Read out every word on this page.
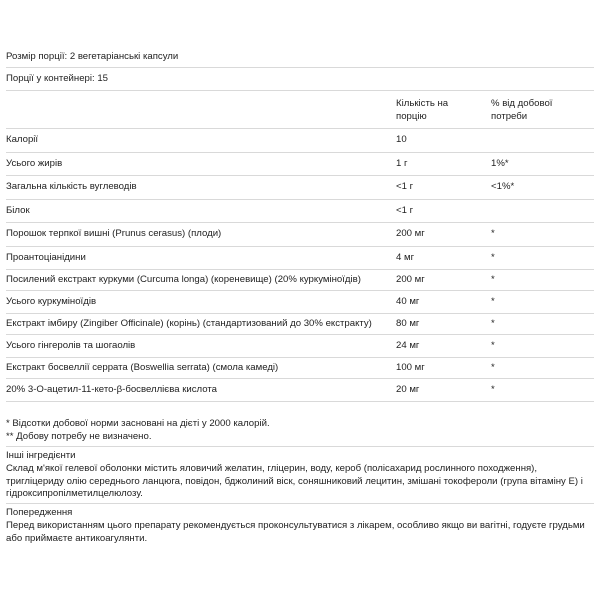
Розмір порції: 2 вегетаріанські капсули
Порції у контейнері: 15

	Кількість на порцію	% від добової потреби

Калорії	10	
Усього жирів	1 г	1%*
Загальна кількість вуглеводів	<1 г	<1%*
Білок	<1 г	
Порошок терпкої вишні (Prunus cerasus) (плоди)	200 мг	*
Проантоціанідини	4 мг	*
Посилений екстракт куркуми (Curcuma longa) (кореневище) (20% куркуміноїдів)	200 мг	*
Усього куркуміноїдів	40 мг	*
Екстракт імбиру (Zingiber Officinale) (корінь) (стандартизований до 30% екстракту)	80 мг	*
Усього гінгеролів та шогаолів	24 мг	*
Екстракт босвеллії серрата (Boswellia serrata) (смола камеді)	100 мг	*
20% 3-O-ацетил-11-кето-β-босвеллієва кислота	20 мг	*
* Відсотки добової норми засновані на дієті у 2000 калорій.
** Добову потребу не визначено.
Інші інгредієнти
Склад м'якої гелевої оболонки містить яловичий желатин, гліцерин, воду, кероб (полісахарид рослинного походження), тригліцериду олію середнього ланцюга, повідон, бджолиний віск, соняшниковий лецитин, змішані токофероли (група вітаміну E) і гідроксипропілметилцелюлозу.
Попередження
Перед використанням цього препарату рекомендується проконсультуватися з лікарем, особливо якщо ви вагітні, годуєте грудьми або приймаєте антикоагулянти.
